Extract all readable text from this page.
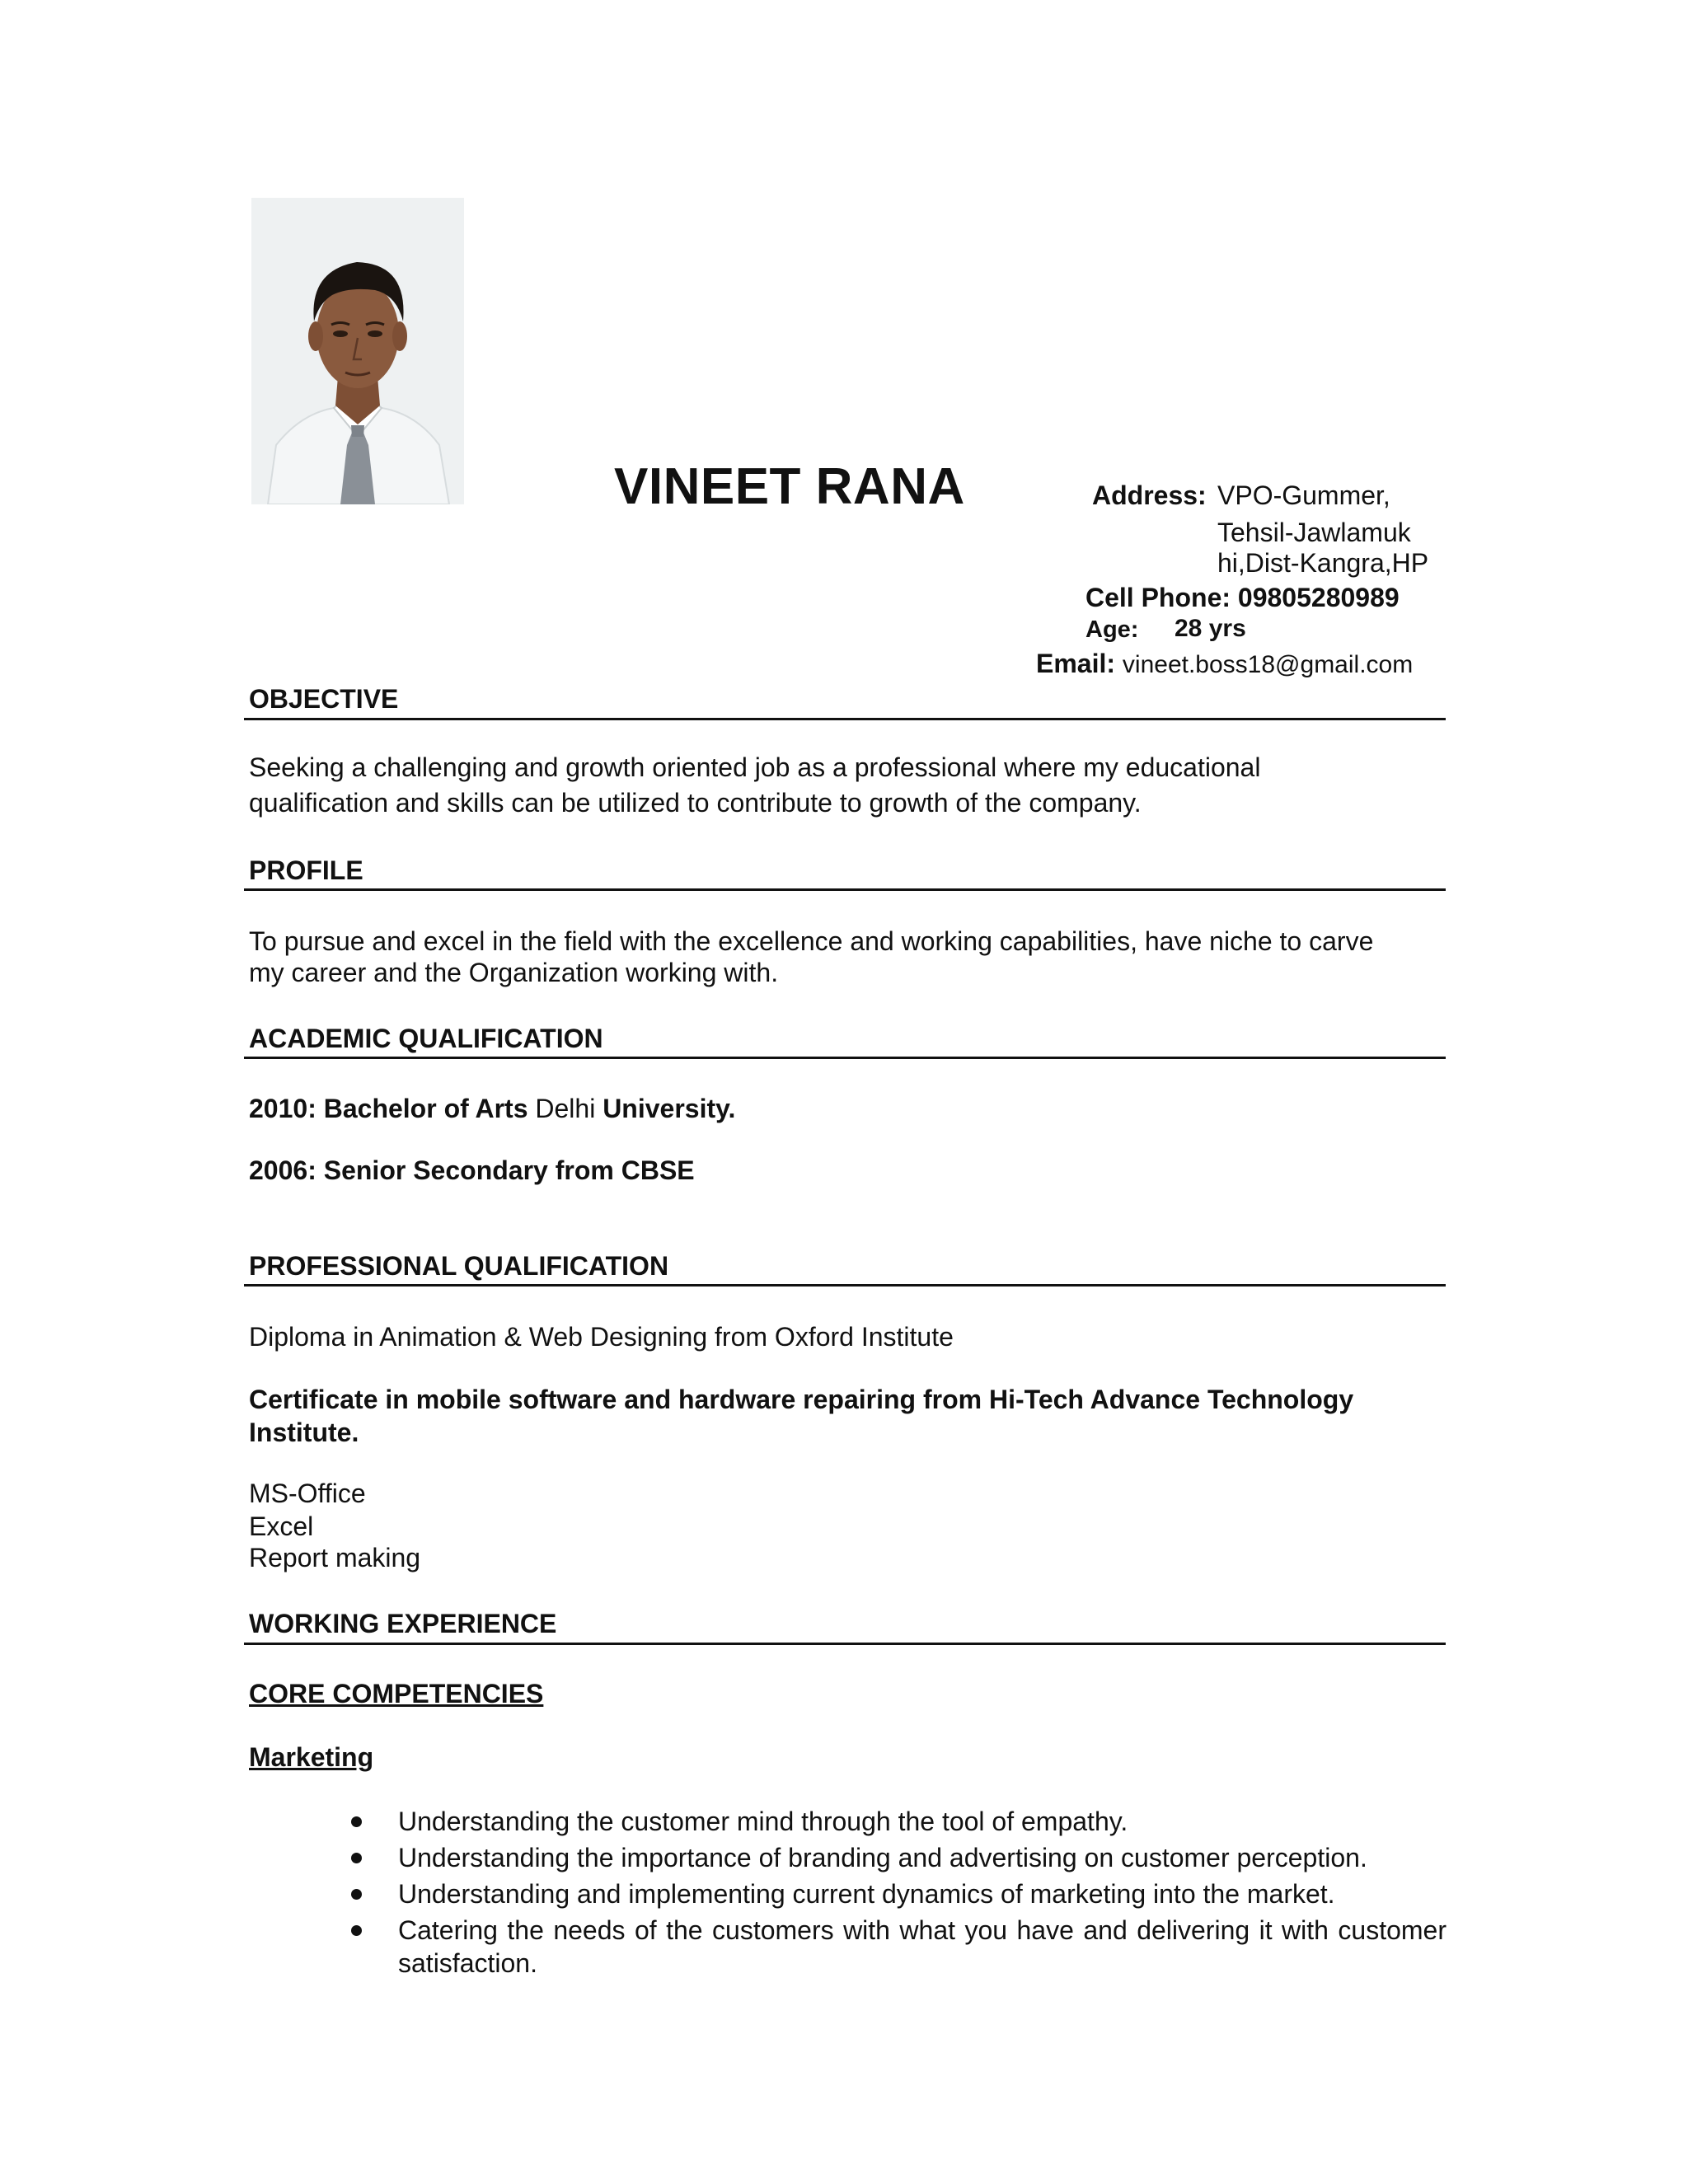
VINEET RANA	Address: VPO-Gummer,
Tehsil-Jawlamuk
hi,Dist-Kangra,HP
Cell Phone: 09805280989
Age: 28 yrs
Email: vineet.boss18@gmail.com
OBJECTIVE
Seeking a challenging and growth oriented job as a professional where my educational
qualification and skills can be utilized to contribute to growth of the company.
PROFILE
To pursue and excel in the field with the excellence and working capabilities, have niche to carve
my career and the Organization working with.
ACADEMIC QUALIFICATION
2010: Bachelor of Arts Delhi University.
2006: Senior Secondary from CBSE
PROFESSIONAL QUALIFICATION
Diploma in Animation & Web Designing from Oxford Institute
Certificate in mobile software and hardware repairing from Hi-Tech Advance Technology
Institute.
MS-Office
Excel
Report making
WORKING EXPERIENCE
CORE COMPETENCIES
Marketing
Understanding the customer mind through the tool of empathy.
Understanding the importance of branding and advertising on customer perception.
Understanding and implementing current dynamics of marketing into the market.
Catering the needs of the customers with what you have and delivering it with customer satisfaction.
